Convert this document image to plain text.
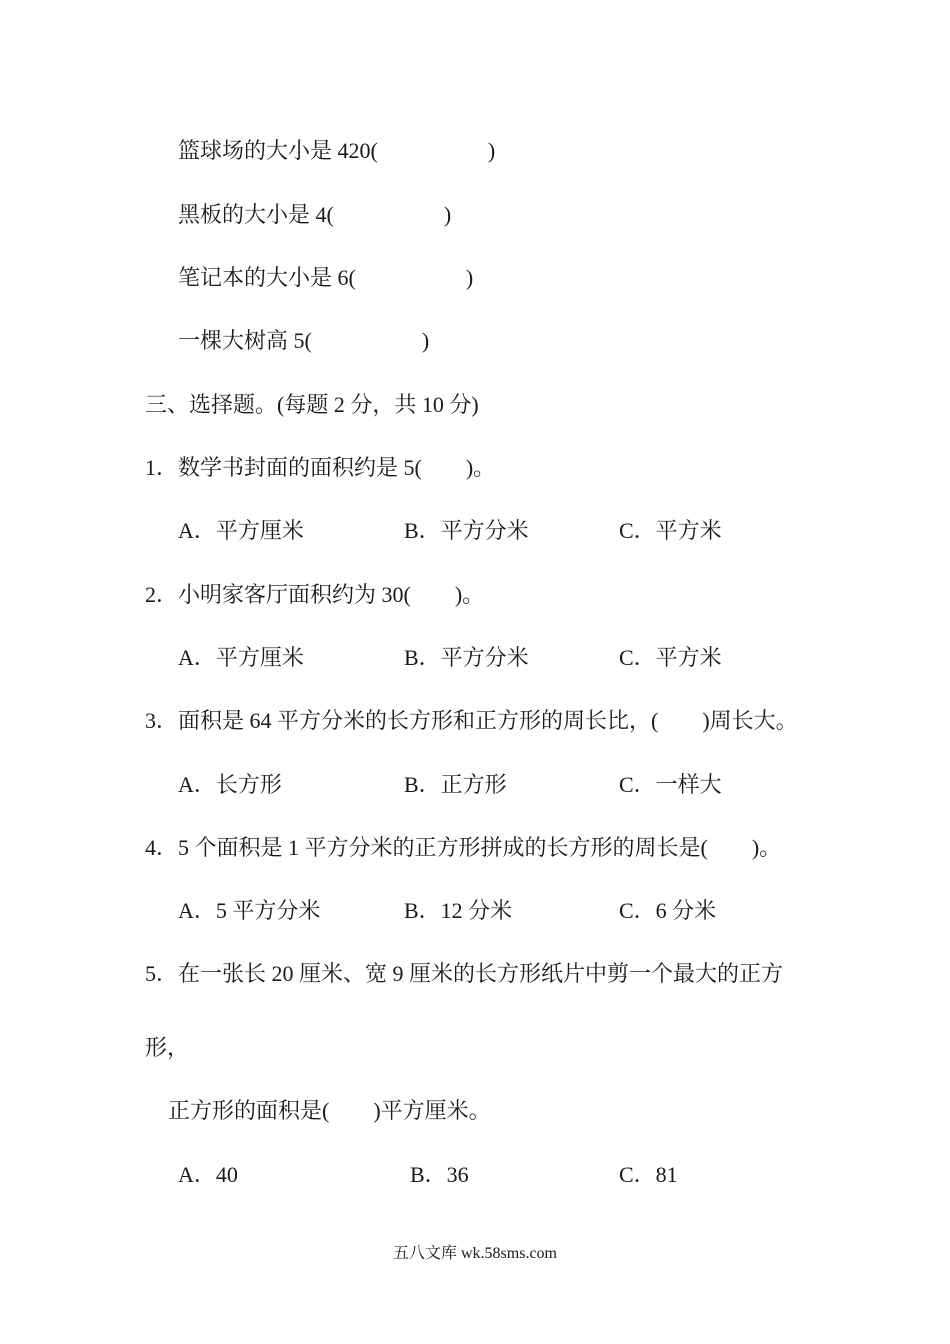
篮球场的大小是 420(　　　　　)
黑板的大小是 4(　　　　　)
笔记本的大小是 6(　　　　　)
一棵大树高 5(　　　　　)
三、选择题。(每题 2 分，共 10 分)
1．数学书封面的面积约是 5(　　)。
A．平方厘米	B．平方分米	C．平方米
2．小明家客厅面积约为 30(　　)。
A．平方厘米	B．平方分米	C．平方米
3．面积是 64 平方分米的长方形和正方形的周长比，(　　)周长大。
A．长方形	B．正方形	C．一样大
4．5 个面积是 1 平方分米的正方形拼成的长方形的周长是(　　)。
A．5 平方分米	B．12 分米	C．6 分米
5．在一张长 20 厘米、宽 9 厘米的长方形纸片中剪一个最大的正方
形，
正方形的面积是(　　)平方厘米。
A．40	B．36	C．81
五八文库 wk.58sms.com
